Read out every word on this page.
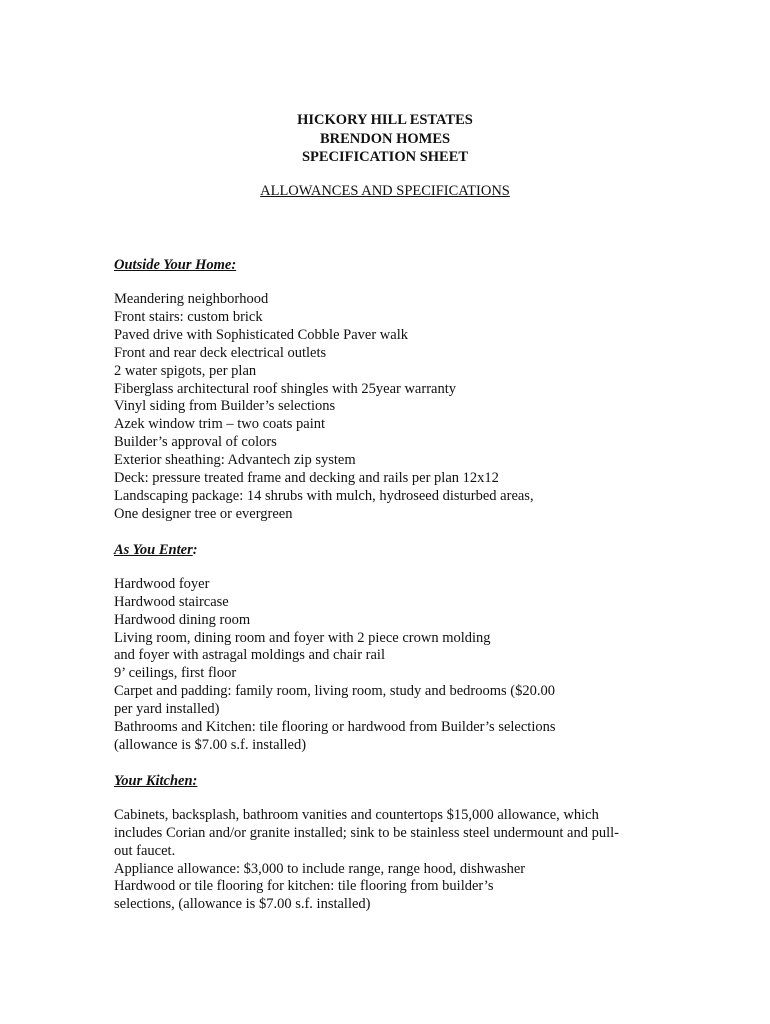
HICKORY HILL ESTATES

BRENDON HOMES

SPECIFICATION SHEET

ALLOWANCES AND SPECIFICATIONS

Outside Your Home:

Meandering neighborhood

Front stairs: custom brick

Paved drive with Sophisticated Cobble Paver walk

Front and rear deck electrical outlets

2 water spigots, per plan

Fiberglass architectural roof shingles with 25year warranty

Vinyl siding from Builder’s selections

Azek window trim – two coats paint

Builder’s approval of colors

Exterior sheathing: Advantech zip system

Deck: pressure treated frame and decking and rails per plan 12x12

Landscaping package: 14 shrubs with mulch, hydroseed disturbed areas,

One designer tree or evergreen

As You Enter:

Hardwood foyer

Hardwood staircase

Hardwood dining room

Living room, dining room and foyer with 2 piece crown molding

and foyer with astragal moldings and chair rail

9’ ceilings, first floor

Carpet and padding: family room, living room, study and bedrooms ($20.00

per yard installed)

Bathrooms and Kitchen: tile flooring or hardwood from Builder’s selections

(allowance is $7.00 s.f. installed)

Your Kitchen:

Cabinets, backsplash, bathroom vanities and countertops $15,000 allowance, which

includes Corian and/or granite installed; sink to be stainless steel undermount and pull-

out faucet.

Appliance allowance: $3,000 to include range, range hood, dishwasher

Hardwood or tile flooring for kitchen: tile flooring from builder’s

selections, (allowance is $7.00 s.f. installed)
